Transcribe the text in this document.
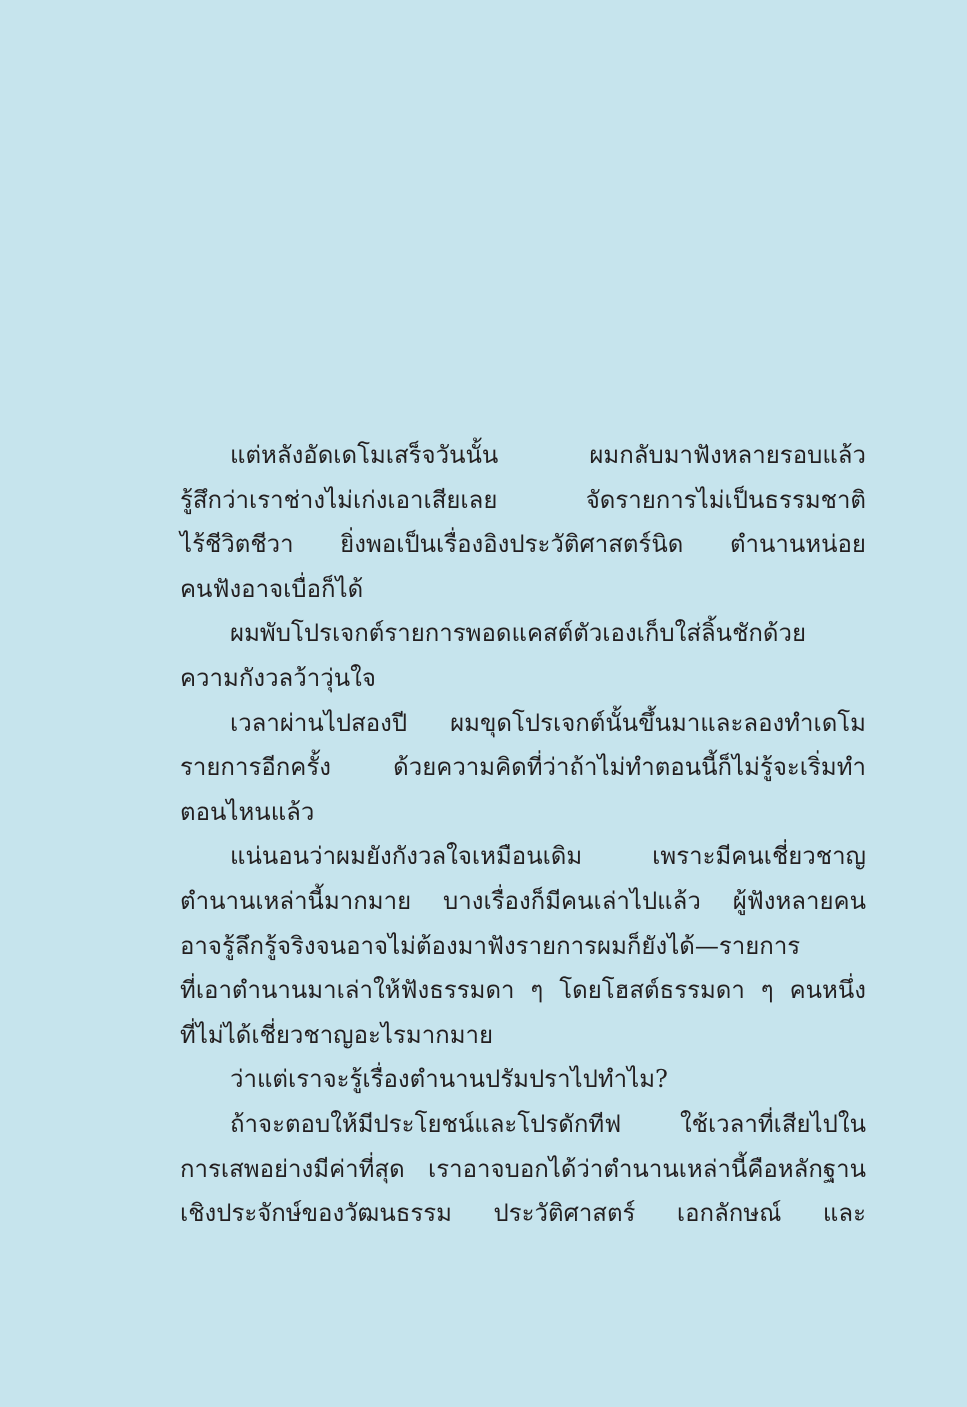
แต่หลังอัดเดโมเสร็จวันนั้น ผมกลับมาฟังหลายรอบแล้ว
รู้สึกว่าเราช่างไม่เก่งเอาเสียเลย จัดรายการไม่เป็นธรรมชาติ
ไร้ชีวิตชีวา ยิ่งพอเป็นเรื่องอิงประวัติศาสตร์นิด ตำนานหน่อย
คนฟังอาจเบื่อก็ได้
ผมพับโปรเจกต์รายการพอดแคสต์ตัวเองเก็บใส่ลิ้นชักด้วย
ความกังวลว้าวุ่นใจ
เวลาผ่านไปสองปี ผมขุดโปรเจกต์นั้นขึ้นมาและลองทำเดโม
รายการอีกครั้ง ด้วยความคิดที่ว่าถ้าไม่ทำตอนนี้ก็ไม่รู้จะเริ่มทำ
ตอนไหนแล้ว
แน่นอนว่าผมยังกังวลใจเหมือนเดิม เพราะมีคนเชี่ยวชาญ
ตำนานเหล่านี้มากมาย บางเรื่องก็มีคนเล่าไปแล้ว ผู้ฟังหลายคน
อาจรู้ลึกรู้จริงจนอาจไม่ต้องมาฟังรายการผมก็ยังได้—รายการ
ที่เอาตำนานมาเล่าให้ฟังธรรมดา ๆ โดยโฮสต์ธรรมดา ๆ คนหนึ่ง
ที่ไม่ได้เชี่ยวชาญอะไรมากมาย
ว่าแต่เราจะรู้เรื่องตำนานปรัมปราไปทำไม?
ถ้าจะตอบให้มีประโยชน์และโปรดักทีฟ ใช้เวลาที่เสียไปใน
การเสพอย่างมีค่าที่สุด เราอาจบอกได้ว่าตำนานเหล่านี้คือหลักฐาน
เชิงประจักษ์ของวัฒนธรรม ประวัติศาสตร์ เอกลักษณ์ และ
